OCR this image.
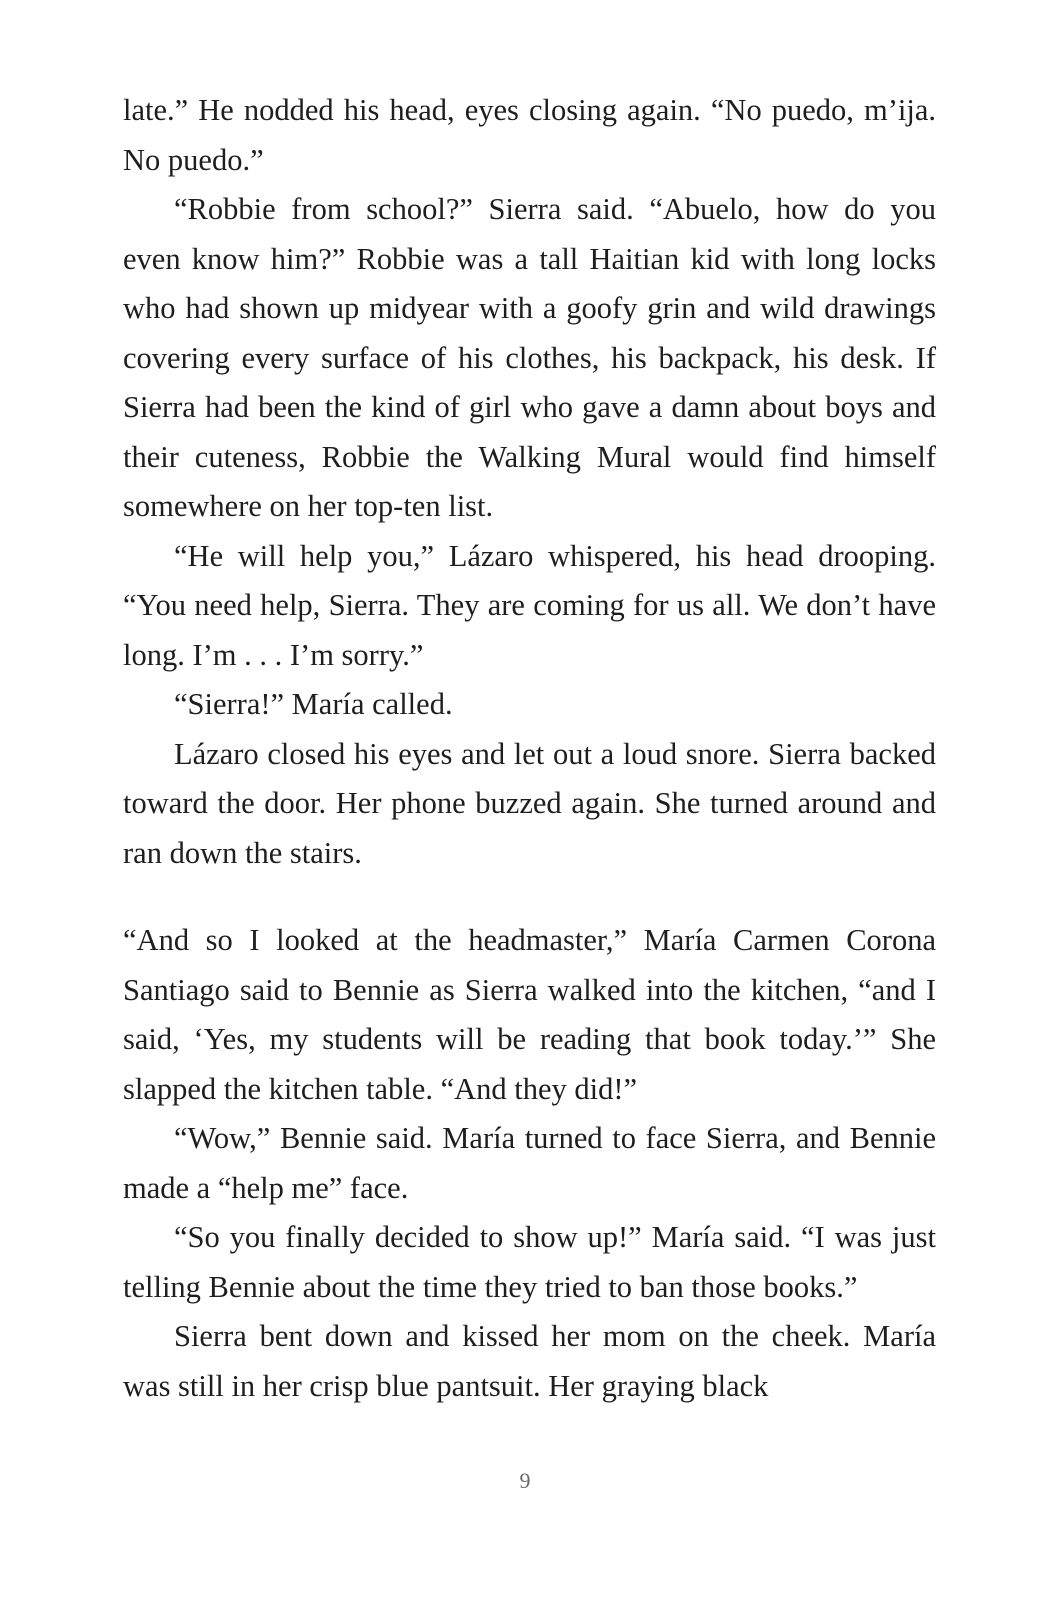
late.” He nodded his head, eyes closing again. “No puedo, m’ija. No puedo.”

“Robbie from school?” Sierra said. “Abuelo, how do you even know him?” Robbie was a tall Haitian kid with long locks who had shown up midyear with a goofy grin and wild drawings covering every surface of his clothes, his backpack, his desk. If Sierra had been the kind of girl who gave a damn about boys and their cuteness, Robbie the Walking Mural would find himself somewhere on her top-ten list.

“He will help you,” Lázaro whispered, his head drooping. “You need help, Sierra. They are coming for us all. We don’t have long. I’m . . . I’m sorry.”

“Sierra!” María called.

Lázaro closed his eyes and let out a loud snore. Sierra backed toward the door. Her phone buzzed again. She turned around and ran down the stairs.

“And so I looked at the headmaster,” María Carmen Corona Santiago said to Bennie as Sierra walked into the kitchen, “and I said, ‘Yes, my students will be reading that book today.’” She slapped the kitchen table. “And they did!”

“Wow,” Bennie said. María turned to face Sierra, and Bennie made a “help me” face.

“So you finally decided to show up!” María said. “I was just telling Bennie about the time they tried to ban those books.”

Sierra bent down and kissed her mom on the cheek. María was still in her crisp blue pantsuit. Her graying black

9
